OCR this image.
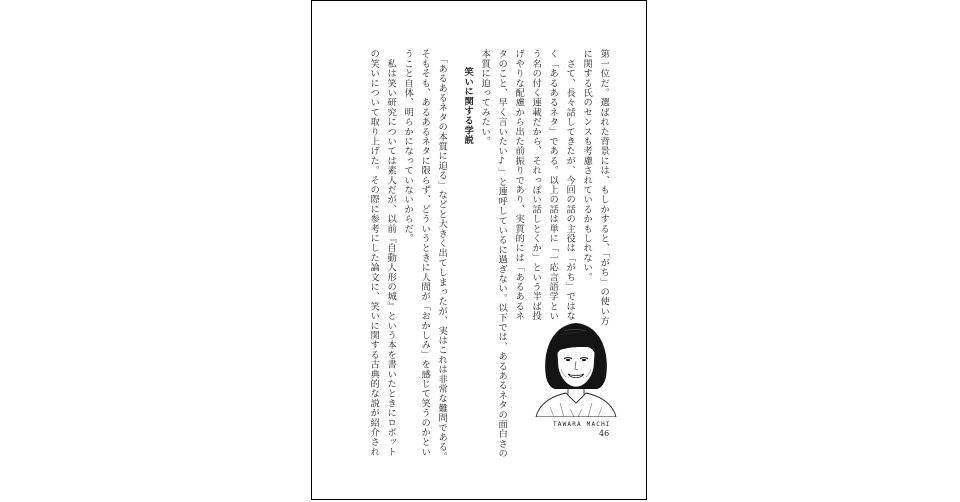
第一位だ。選ばれた背景には、もしかすると、「がち」の使い方
に関する氏のセンスも考慮されているかもしれない。
　さて、長々話してきたが、今回の話の主役は「がち」ではな
く「あるあるネタ」である。以上の話は単に「一応言語学とい
う名の付く連載だから、それっぽい話しとくか」という半ば投
げやりな配慮から出た前振りであり、実質的には「あるあるネ
タのこと、早く言いたい♪」と連呼しているに過ぎない。以下では、あるあるネタの面白さの
本質に迫ってみたい。
笑いに関する学説
　「あるあるネタの本質に迫る」などと大きく出てしまったが、実はこれは非常な難問である。
そもそも、あるあるネタに限らず、どういうときに人間が「おかしみ」を感じて笑うのかとい
うこと自体、明らかになっていないからだ。
　私は笑い研究については素人だが、以前『自動人形の城』という本を書いたときにロボット
の笑いについて取り上げた。その際に参考にした論文に、笑いに関する古典的な説が紹介され	TAWARA MACHI
46
